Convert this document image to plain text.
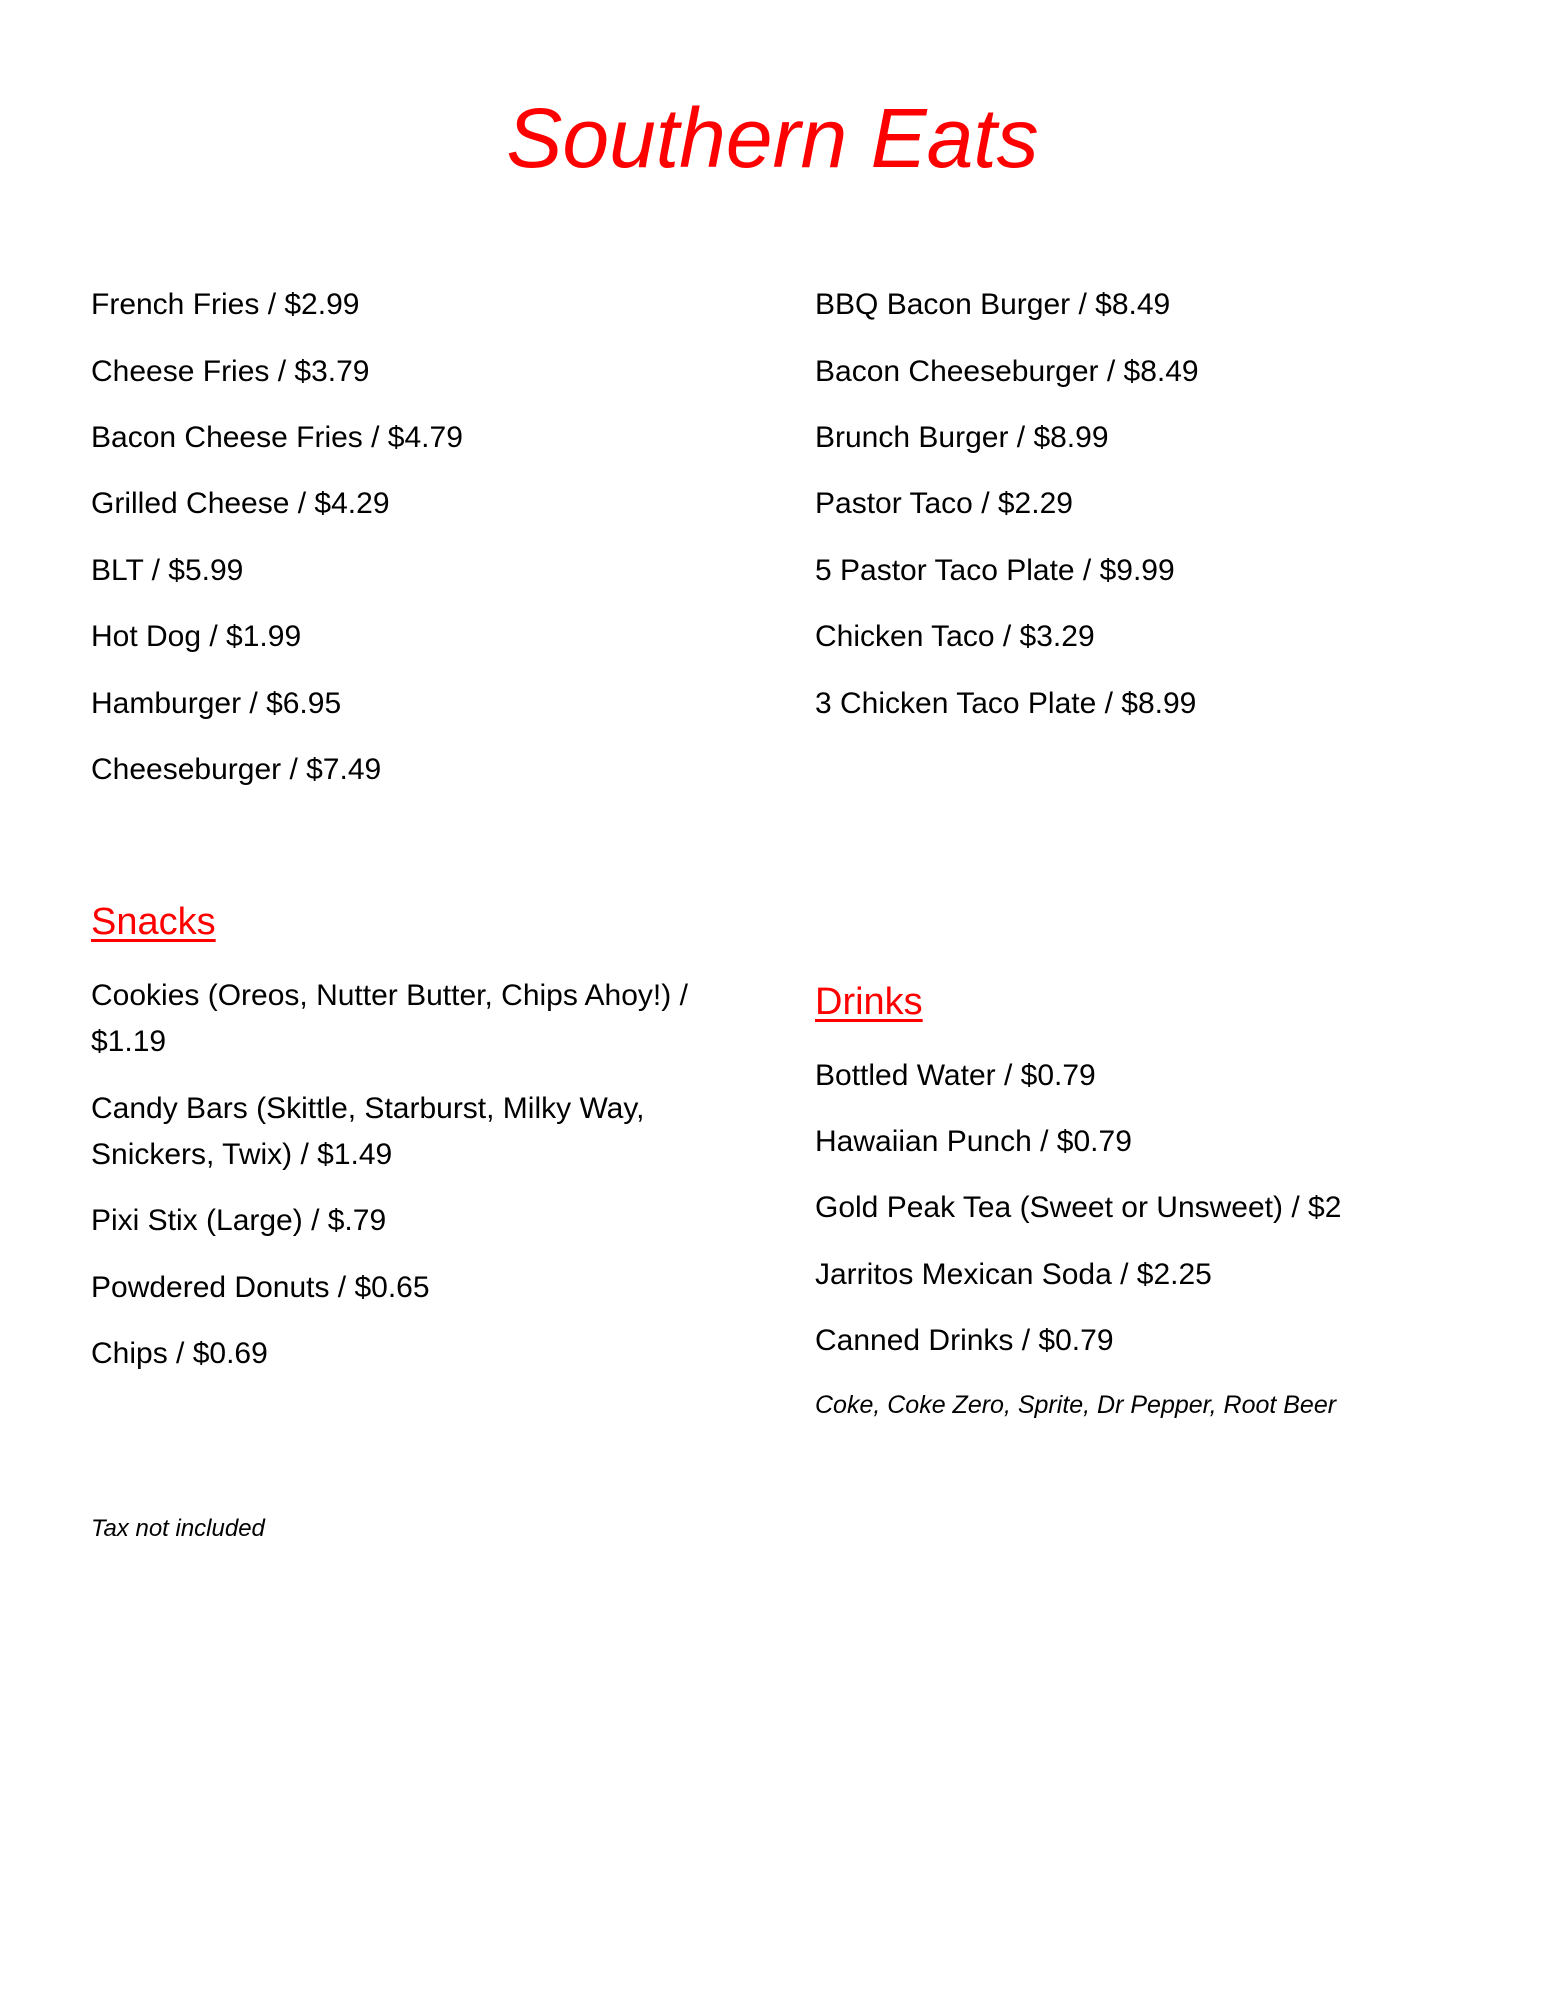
Southern Eats
French Fries / $2.99
Cheese Fries / $3.79
Bacon Cheese Fries / $4.79
Grilled Cheese / $4.29
BLT / $5.99
Hot Dog / $1.99
Hamburger / $6.95
Cheeseburger / $7.49
BBQ Bacon Burger / $8.49
Bacon Cheeseburger / $8.49
Brunch Burger / $8.99
Pastor Taco / $2.29
5 Pastor Taco Plate / $9.99
Chicken Taco / $3.29
3 Chicken Taco Plate / $8.99
Snacks
Cookies (Oreos, Nutter Butter, Chips Ahoy!) / $1.19
Candy Bars (Skittle, Starburst, Milky Way, Snickers, Twix) / $1.49
Pixi Stix (Large) / $.79
Powdered Donuts / $0.65
Chips / $0.69
Drinks
Bottled Water / $0.79
Hawaiian Punch / $0.79
Gold Peak Tea (Sweet or Unsweet) / $2
Jarritos Mexican Soda / $2.25
Canned Drinks / $0.79
Coke, Coke Zero, Sprite, Dr Pepper, Root Beer
Tax not included
